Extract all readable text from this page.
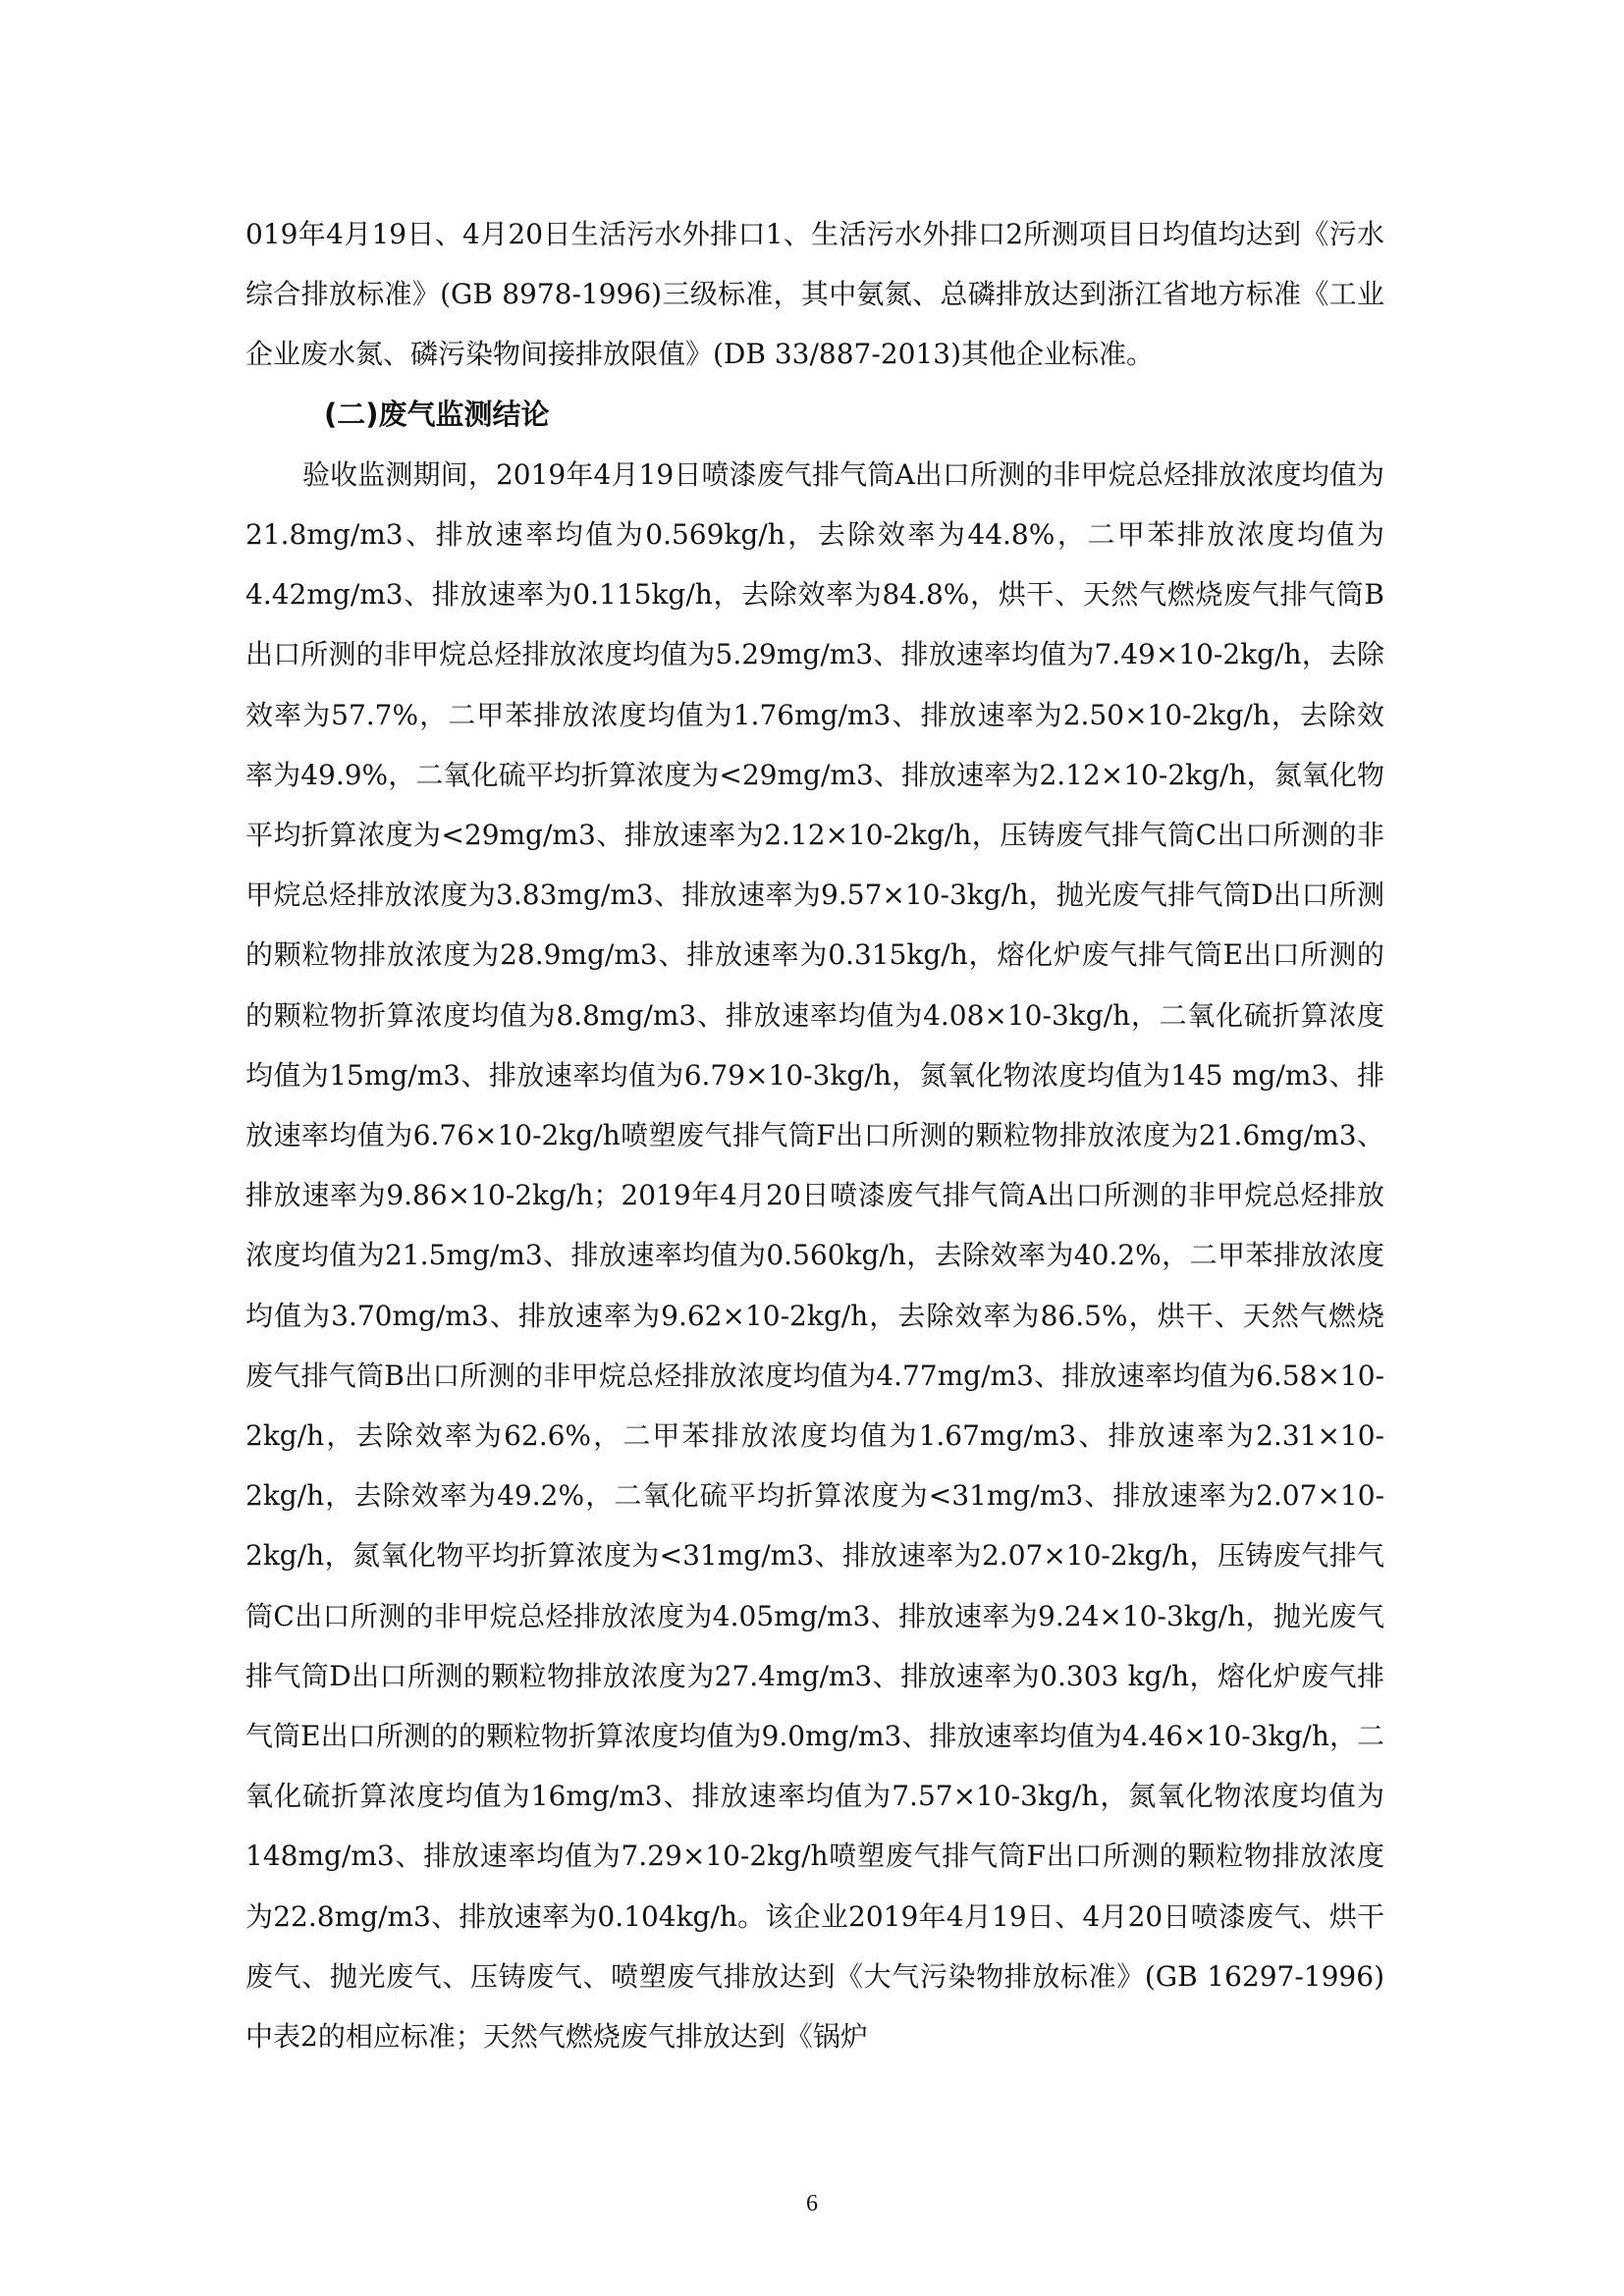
019年4月19日、4月20日生活污水外排口1、生活污水外排口2所测项目日均值均达到《污水综合排放标准》(GB 8978-1996)三级标准，其中氨氮、总磷排放达到浙江省地方标准《工业企业废水氮、磷污染物间接排放限值》(DB 33/887-2013)其他企业标准。

(二)废气监测结论

验收监测期间，2019年4月19日喷漆废气排气筒A出口所测的非甲烷总烃排放浓度均值为21.8mg/m3、排放速率均值为0.569kg/h，去除效率为44.8%，二甲苯排放浓度均值为4.42mg/m3、排放速率为0.115kg/h，去除效率为84.8%，烘干、天然气燃烧废气排气筒B出口所测的非甲烷总烃排放浓度均值为5.29mg/m3、排放速率均值为7.49×10-2kg/h，去除效率为57.7%，二甲苯排放浓度均值为1.76mg/m3、排放速率为2.50×10-2kg/h，去除效率为49.9%，二氧化硫平均折算浓度为<29mg/m3、排放速率为2.12×10-2kg/h，氮氧化物平均折算浓度为<29mg/m3、排放速率为2.12×10-2kg/h，压铸废气排气筒C出口所测的非甲烷总烃排放浓度为3.83mg/m3、排放速率为9.57×10-3kg/h，抛光废气排气筒D出口所测的颗粒物排放浓度为28.9mg/m3、排放速率为0.315kg/h，熔化炉废气排气筒E出口所测的的颗粒物折算浓度均值为8.8mg/m3、排放速率均值为4.08×10-3kg/h，二氧化硫折算浓度均值为15mg/m3、排放速率均值为6.79×10-3kg/h，氮氧化物浓度均值为145 mg/m3、排放速率均值为6.76×10-2kg/h喷塑废气排气筒F出口所测的颗粒物排放浓度为21.6mg/m3、排放速率为9.86×10-2kg/h；2019年4月20日喷漆废气排气筒A出口所测的非甲烷总烃排放浓度均值为21.5mg/m3、排放速率均值为0.560kg/h，去除效率为40.2%，二甲苯排放浓度均值为3.70mg/m3、排放速率为9.62×10-2kg/h，去除效率为86.5%，烘干、天然气燃烧废气排气筒B出口所测的非甲烷总烃排放浓度均值为4.77mg/m3、排放速率均值为6.58×10-2kg/h，去除效率为62.6%，二甲苯排放浓度均值为1.67mg/m3、排放速率为2.31×10-2kg/h，去除效率为49.2%，二氧化硫平均折算浓度为<31mg/m3、排放速率为2.07×10-2kg/h，氮氧化物平均折算浓度为<31mg/m3、排放速率为2.07×10-2kg/h，压铸废气排气筒C出口所测的非甲烷总烃排放浓度为4.05mg/m3、排放速率为9.24×10-3kg/h，抛光废气排气筒D出口所测的颗粒物排放浓度为27.4mg/m3、排放速率为0.303 kg/h，熔化炉废气排气筒E出口所测的的颗粒物折算浓度均值为9.0mg/m3、排放速率均值为4.46×10-3kg/h，二氧化硫折算浓度均值为16mg/m3、排放速率均值为7.57×10-3kg/h，氮氧化物浓度均值为148mg/m3、排放速率均值为7.29×10-2kg/h喷塑废气排气筒F出口所测的颗粒物排放浓度为22.8mg/m3、排放速率为0.104kg/h。该企业2019年4月19日、4月20日喷漆废气、烘干废气、抛光废气、压铸废气、喷塑废气排放达到《大气污染物排放标准》(GB 16297-1996)中表2的相应标准；天然气燃烧废气排放达到《锅炉

6
